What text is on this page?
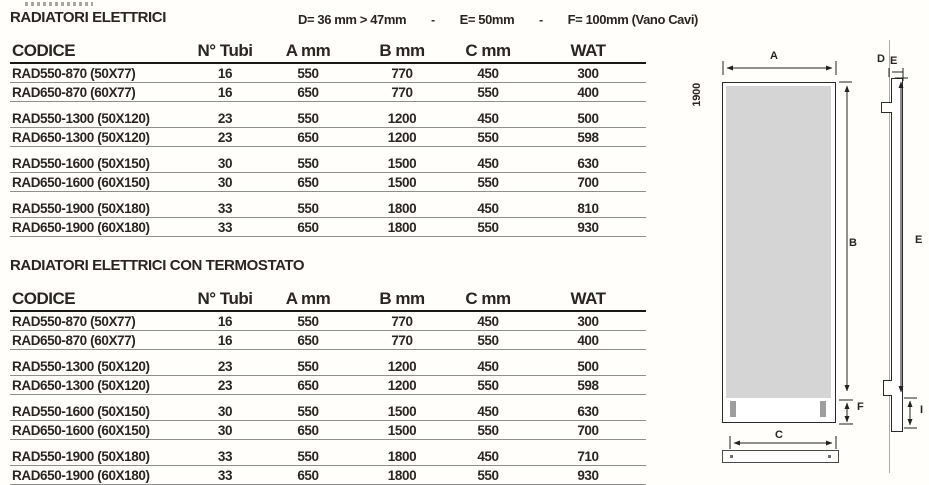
RADIATORI ELETTRICI	D= 36 mm > 47mm - E= 50mm - F= 100mm (Vano Cavi)
CODICE	N° Tubi	A mm	B mm	C mm	WAT
RAD550-870 (50X77)	16	550	770	450	300
RAD650-870 (60X77)	16	650	770	550	400
RAD550-1300 (50X120)	23	550	1200	450	500
RAD650-1300 (50X120)	23	650	1200	550	598
RAD550-1600 (50X150)	30	550	1500	450	630
RAD650-1600 (60X150)	30	650	1500	550	700
RAD550-1900 (50X180)	33	550	1800	450	810
RAD650-1900 (60X180)	33	650	1800	550	930
RADIATORI ELETTRICI CON TERMOSTATO
CODICE	N° Tubi	A mm	B mm	C mm	WAT
RAD550-870 (50X77)	16	550	770	450	300
RAD650-870 (60X77)	16	650	770	550	400
RAD550-1300 (50X120)	23	550	1200	450	500
RAD650-1300 (50X120)	23	650	1200	550	598
RAD550-1600 (50X150)	30	550	1500	450	630
RAD650-1600 (60X150)	30	650	1500	550	700
RAD550-1900 (50X180)	33	550	1800	450	710
RAD650-1900 (60X180)	33	650	1800	550	930
A
B
C
D E
E
F	I
1900
